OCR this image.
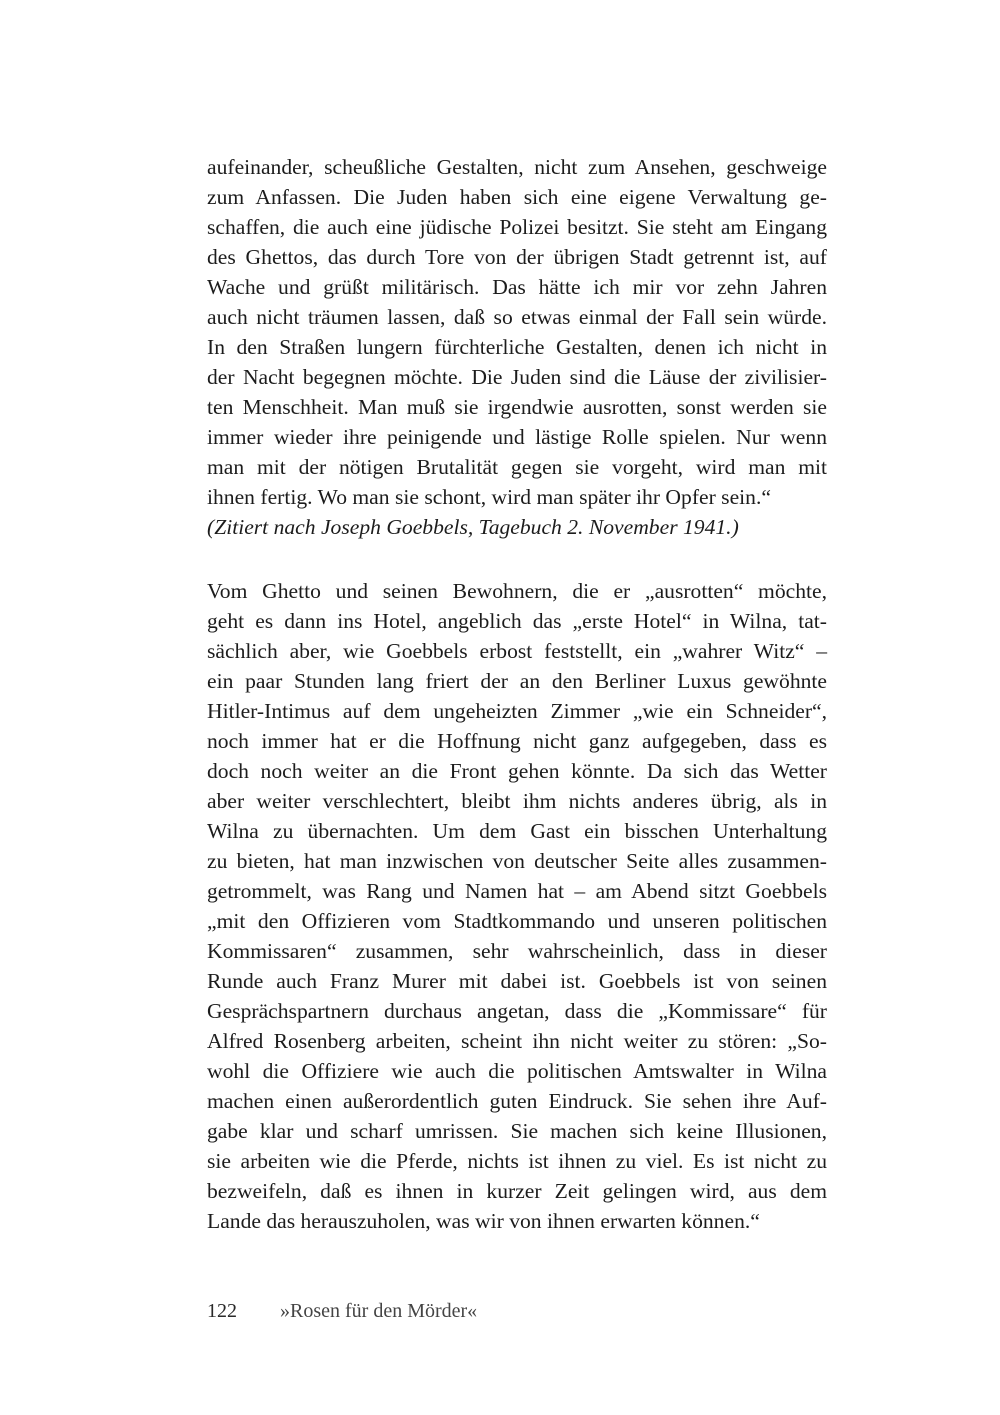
aufeinander, scheußliche Gestalten, nicht zum Ansehen, geschweige
zum Anfassen. Die Juden haben sich eine eigene Verwaltung ge-
schaffen, die auch eine jüdische Polizei besitzt. Sie steht am Eingang
des Ghettos, das durch Tore von der übrigen Stadt getrennt ist, auf
Wache und grüßt militärisch. Das hätte ich mir vor zehn Jahren
auch nicht träumen lassen, daß so etwas einmal der Fall sein würde.
In den Straßen lungern fürchterliche Gestalten, denen ich nicht in
der Nacht begegnen möchte. Die Juden sind die Läuse der zivilisier-
ten Menschheit. Man muß sie irgendwie ausrotten, sonst werden sie
immer wieder ihre peinigende und lästige Rolle spielen. Nur wenn
man mit der nötigen Brutalität gegen sie vorgeht, wird man mit
ihnen fertig. Wo man sie schont, wird man später ihr Opfer sein.“
(Zitiert nach Joseph Goebbels, Tagebuch 2. November 1941.)
Vom Ghetto und seinen Bewohnern, die er „ausrotten“ möchte,
geht es dann ins Hotel, angeblich das „erste Hotel“ in Wilna, tat-
sächlich aber, wie Goebbels erbost feststellt, ein „wahrer Witz“ –
ein paar Stunden lang friert der an den Berliner Luxus gewöhnte
Hitler-Intimus auf dem ungeheizten Zimmer „wie ein Schneider“,
noch immer hat er die Hoffnung nicht ganz aufgegeben, dass es
doch noch weiter an die Front gehen könnte. Da sich das Wetter
aber weiter verschlechtert, bleibt ihm nichts anderes übrig, als in
Wilna zu übernachten. Um dem Gast ein bisschen Unterhaltung
zu bieten, hat man inzwischen von deutscher Seite alles zusammen-
getrommelt, was Rang und Namen hat – am Abend sitzt Goebbels
„mit den Offizieren vom Stadtkommando und unseren politischen
Kommissaren“ zusammen, sehr wahrscheinlich, dass in dieser
Runde auch Franz Murer mit dabei ist. Goebbels ist von seinen
Gesprächspartnern durchaus angetan, dass die „Kommissare“ für
Alfred Rosenberg arbeiten, scheint ihn nicht weiter zu stören: „So-
wohl die Offiziere wie auch die politischen Amtswalter in Wilna
machen einen außerordentlich guten Eindruck. Sie sehen ihre Auf-
gabe klar und scharf umrissen. Sie machen sich keine Illusionen,
sie arbeiten wie die Pferde, nichts ist ihnen zu viel. Es ist nicht zu
bezweifeln, daß es ihnen in kurzer Zeit gelingen wird, aus dem
Lande das herauszuholen, was wir von ihnen erwarten können.“
122 »Rosen für den Mörder«
